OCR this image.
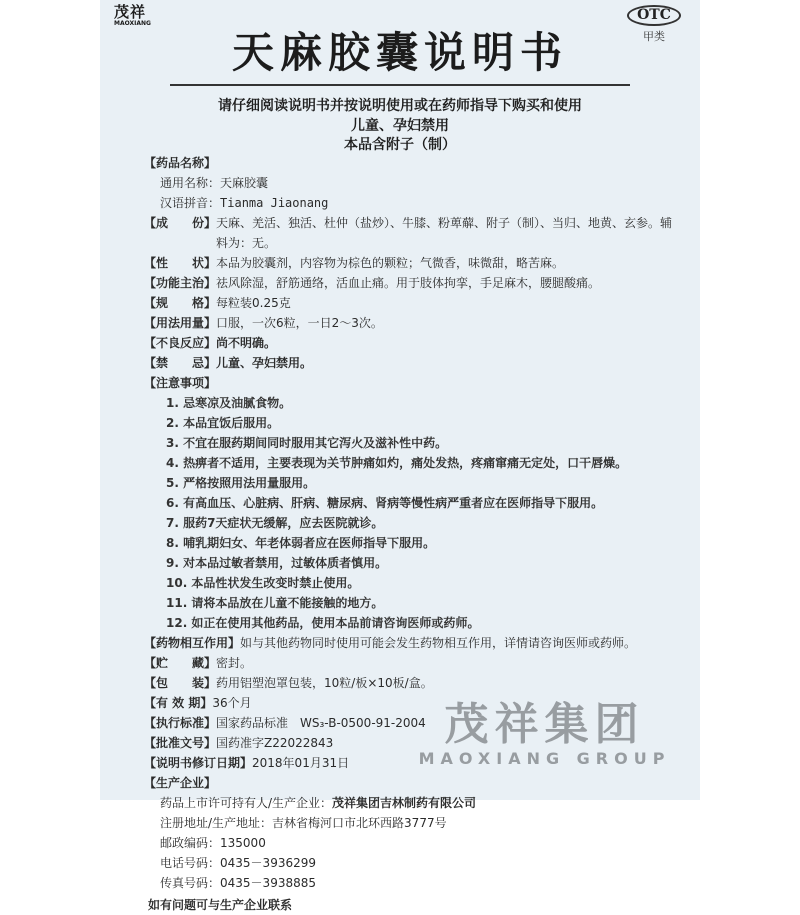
茂祥
MAOXIANG
OTC
甲类
天麻胶囊说明书
请仔细阅读说明书并按说明使用或在药师指导下购买和使用
儿童、孕妇禁用
本品含附子（制）
【药品名称】
通用名称： 天麻胶囊
汉语拼音： Tianma Jiaonang
【成　　份】 天麻、羌活、独活、杜仲（盐炒）、牛膝、粉萆薢、附子（制）、当归、地黄、玄参。辅料为：无。
【性　　状】 本品为胶囊剂，内容物为棕色的颗粒；气微香，味微甜，略苦麻。
【功能主治】 祛风除湿，舒筋通络，活血止痛。用于肢体拘挛，手足麻木，腰腿酸痛。
【规　　格】 每粒装0.25克
【用法用量】 口服，一次6粒，一日2～3次。
【不良反应】 尚不明确。
【禁　　忌】 儿童、孕妇禁用。
【注意事项】
1. 忌寒凉及油腻食物。
2. 本品宜饭后服用。
3. 不宜在服药期间同时服用其它泻火及滋补性中药。
4. 热痹者不适用，主要表现为关节肿痛如灼，痛处发热，疼痛窜痛无定处，口干唇燥。
5. 严格按照用法用量服用。
6. 有高血压、心脏病、肝病、糖尿病、肾病等慢性病严重者应在医师指导下服用。
7. 服药7天症状无缓解，应去医院就诊。
8. 哺乳期妇女、年老体弱者应在医师指导下服用。
9. 对本品过敏者禁用，过敏体质者慎用。
10. 本品性状发生改变时禁止使用。
11. 请将本品放在儿童不能接触的地方。
12. 如正在使用其他药品，使用本品前请咨询医师或药师。
【药物相互作用】 如与其他药物同时使用可能会发生药物相互作用，详情请咨询医师或药师。
【贮　　藏】 密封。
【包　　装】 药用铝塑泡罩包装，10粒/板×10板/盒。
【有 效 期】 36个月
【执行标准】 国家药品标准　WS₃-B-0500-91-2004
【批准文号】 国药准字Z22022843
【说明书修订日期】 2018年01月31日
【生产企业】
药品上市许可持有人/生产企业： 茂祥集团吉林制药有限公司
注册地址/生产地址： 吉林省梅河口市北环西路3777号
邮政编码： 135000
电话号码： 0435－3936299
传真号码： 0435－3938885
如有问题可与生产企业联系
茂祥集团
MAOXIANG GROUP
